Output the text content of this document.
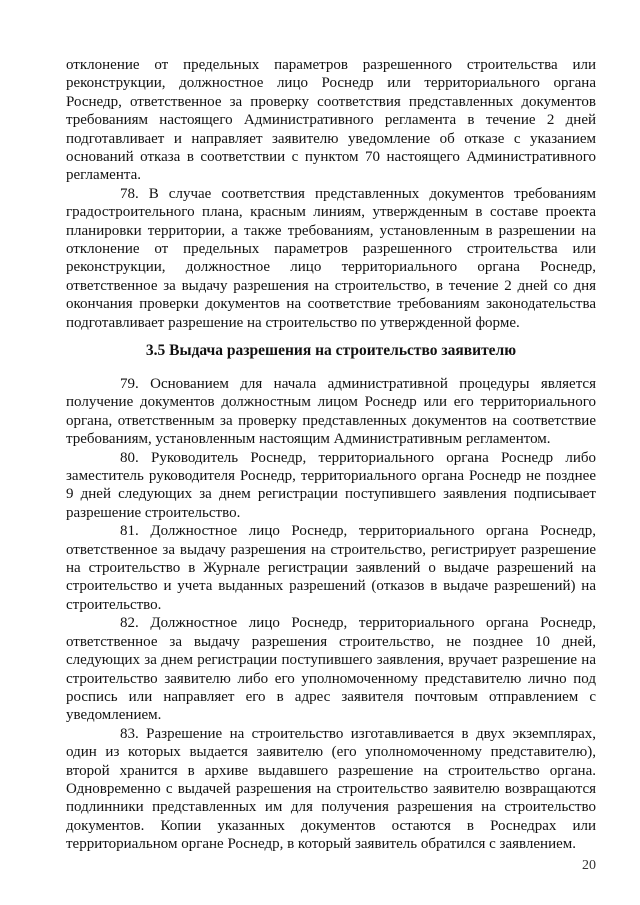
отклонение от предельных параметров разрешенного строительства или реконструкции, должностное лицо Роснедр или территориального органа Роснедр, ответственное за проверку соответствия представленных документов требованиям настоящего Административного регламента в течение 2 дней подготавливает и направляет заявителю уведомление об отказе с указанием оснований отказа в соответствии с пунктом 70 настоящего Административного регламента.

78. В случае соответствия представленных документов требованиям градостроительного плана, красным линиям, утвержденным в составе проекта планировки территории, а также требованиям, установленным в разрешении на отклонение от предельных параметров разрешенного строительства или реконструкции, должностное лицо территориального органа Роснедр, ответственное за выдачу разрешения на строительство, в течение 2 дней со дня окончания проверки документов на соответствие требованиям законодательства подготавливает разрешение на строительство по утвержденной форме.

3.5 Выдача разрешения на строительство заявителю

79. Основанием для начала административной процедуры является получение документов должностным лицом Роснедр или его территориального органа, ответственным за проверку представленных документов на соответствие требованиям, установленным настоящим Административным регламентом.

80. Руководитель Роснедр, территориального органа Роснедр либо заместитель руководителя Роснедр, территориального органа Роснедр не позднее 9 дней следующих за днем регистрации поступившего заявления подписывает разрешение строительство.

81. Должностное лицо Роснедр, территориального органа Роснедр, ответственное за выдачу разрешения на строительство, регистрирует разрешение на строительство в Журнале регистрации заявлений о выдаче разрешений на строительство и учета выданных разрешений (отказов в выдаче разрешений) на строительство.

82. Должностное лицо Роснедр, территориального органа Роснедр, ответственное за выдачу разрешения строительство, не позднее 10 дней, следующих за днем регистрации поступившего заявления, вручает разрешение на строительство заявителю либо его уполномоченному представителю лично под роспись или направляет его в адрес заявителя почтовым отправлением с уведомлением.

83. Разрешение на строительство изготавливается в двух экземплярах, один из которых выдается заявителю (его уполномоченному представителю), второй хранится в архиве выдавшего разрешение на строительство органа. Одновременно с выдачей разрешения на строительство заявителю возвращаются подлинники представленных им для получения разрешения на строительство документов. Копии указанных документов остаются в Роснедрах или территориальном органе Роснедр, в который заявитель обратился с заявлением.

20
